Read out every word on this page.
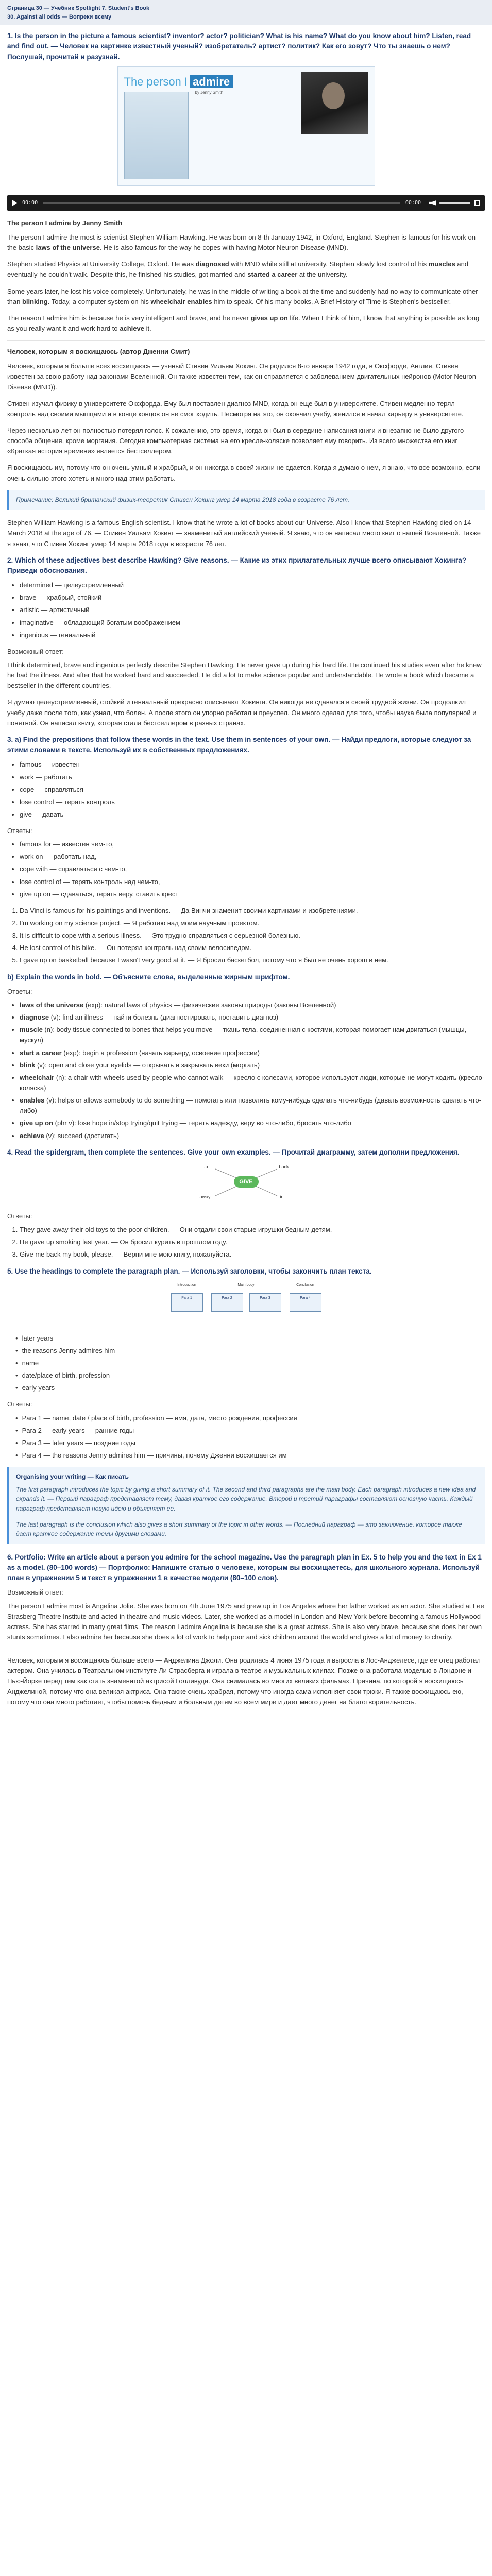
Страница 30 — Учебник Spotlight 7. Student's Book
30. Against all odds — Вопреки всему
1. Is the person in the picture a famous scientist? inventor? actor? politician? What is his name? What do you know about him? Listen, read and find out. — Человек на картинке известный ученый? изобретатель? артист? политик? Как его зовут? Что ты знаешь о нем? Послушай, прочитай и разузнай.
The person I admire
by Jenny Smith
00:00	00:00
The person I admire by Jenny Smith

The person I admire the most is scientist Stephen William Hawking. He was born on 8-th January 1942, in Oxford, England. Stephen is famous for his work on the basic laws of the universe. He is also famous for the way he copes with having Motor Neuron Disease (MND).

Stephen studied Physics at University College, Oxford. He was diagnosed with MND while still at university. Stephen slowly lost control of his muscles and eventually he couldn't walk. Despite this, he finished his studies, got married and started a career at the university.

Some years later, he lost his voice completely. Unfortunately, he was in the middle of writing a book at the time and suddenly had no way to communicate other than blinking. Today, a computer system on his wheelchair enables him to speak. Of his many books, A Brief History of Time is Stephen's bestseller.

The reason I admire him is because he is very intelligent and brave, and he never gives up on life. When I think of him, I know that anything is possible as long as you really want it and work hard to achieve it.

Человек, которым я восхищаюсь (автор Дженни Смит)

Человек, которым я больше всех восхищаюсь — ученый Стивен Уильям Хокинг. Он родился 8-го января 1942 года, в Оксфорде, Англия. Стивен известен за свою работу над законами Вселенной. Он также известен тем, как он справляется с заболеванием двигательных нейронов (Motor Neuron Disease (MND)).

Стивен изучал физику в университете Оксфорда. Ему был поставлен диагноз MND, когда он еще был в университете. Стивен медленно терял контроль над своими мышцами и в конце концов он не смог ходить. Несмотря на это, он окончил учебу, женился и начал карьеру в университете.

Через несколько лет он полностью потерял голос. К сожалению, это время, когда он был в середине написания книги и внезапно не было другого способа общения, кроме моргания. Сегодня компьютерная система на его кресле-коляске позволяет ему говорить. Из всего множества его книг «Краткая история времени» является бестселлером.

Я восхищаюсь им, потому что он очень умный и храбрый, и он никогда в своей жизни не сдается. Когда я думаю о нем, я знаю, что все возможно, если очень сильно этого хотеть и много над этим работать.

Примечание: Великий британский физик-теоретик Стивен Хокинг умер 14 марта 2018 года в возрасте 76 лет.

Stephen William Hawking is a famous English scientist. I know that he wrote a lot of books about our Universe. Also I know that Stephen Hawking died on 14 March 2018 at the age of 76. — Стивен Уильям Хокинг — знаменитый английский ученый. Я знаю, что он написал много книг о нашей Вселенной. Также я знаю, что Стивен Хокинг умер 14 марта 2018 года в возрасте 76 лет.

2. Which of these adjectives best describe Hawking? Give reasons. — Какие из этих прилагательных лучше всего описывают Хокинга? Приведи обоснования.
• determined — целеустремленный
• brave — храбрый, стойкий
• artistic — артистичный
• imaginative — обладающий богатым воображением
• ingenious — гениальный
Возможный ответ:

I think determined, brave and ingenious perfectly describe Stephen Hawking. He never gave up during his hard life. He continued his studies even after he knew he had the illness. And after that he worked hard and succeeded. He did a lot to make science popular and understandable. He wrote a book which became a bestseller in the different countries.

Я думаю целеустремленный, стойкий и гениальный прекрасно описывают Хокинга. Он никогда не сдавался в своей трудной жизни. Он продолжил учебу даже после того, как узнал, что болен. А после этого он упорно работал и преуспел. Он много сделал для того, чтобы наука была популярной и понятной. Он написал книгу, которая стала бестселлером в разных странах.

3. a) Find the prepositions that follow these words in the text. Use them in sentences of your own. — Найди предлоги, которые следуют за этими словами в тексте. Используй их в собственных предложениях.
• famous — известен
• work — работать
• cope — справляться
• lose control — терять контроль
• give — давать
Ответы:
• famous for — известен чем-то,
• work on — работать над,
• cope with — справляться с чем-то,
• lose control of — терять контроль над чем-то,
• give up on — сдаваться, терять веру, ставить крест
1. Da Vinci is famous for his paintings and inventions. — Да Винчи знаменит своими картинами и изобретениями.
2. I'm working on my science project. — Я работаю над моим научным проектом.
3. It is difficult to cope with a serious illness. — Это трудно справляться с серьезной болезнью.
4. He lost control of his bike. — Он потерял контроль над своим велосипедом.
5. I gave up on basketball because I wasn't very good at it. — Я бросил баскетбол, потому что я был не очень хорош в нем.
b) Explain the words in bold. — Объясните слова, выделенные жирным шрифтом.
Ответы:
• laws of the universe (exp): natural laws of physics — физические законы природы (законы Вселенной)
• diagnose (v): find an illness — найти болезнь (диагностировать, поставить диагноз)
• muscle (n): body tissue connected to bones that helps you move — ткань тела, соединенная с костями, которая помогает нам двигаться (мышцы, мускул)
• start a career (exp): begin a profession (начать карьеру, освоение профессии)
• blink (v): open and close your eyelids — открывать и закрывать веки (моргать)
• wheelchair (n): a chair with wheels used by people who cannot walk — кресло с колесами, которое используют люди, которые не могут ходить (кресло-коляска)
• enables (v): helps or allows somebody to do something — помогать или позволять кому-нибудь сделать что-нибудь (давать возможность сделать что-либо)
• give up on (phr v): lose hope in/stop trying/quit trying — терять надежду, веру во что-либо, бросить что-либо
• achieve (v): succeed (достигать)
4. Read the spidergram, then complete the sentences. Give your own examples. — Прочитай диаграмму, затем дополни предложения.
GIVE
up	back
away	in
Ответы:
1. They gave away their old toys to the poor children. — Они отдали свои старые игрушки бедным детям.
2. He gave up smoking last year. — Он бросил курить в прошлом году.
3. Give me back my book, please. — Верни мне мою книгу, пожалуйста.
5. Use the headings to complete the paragraph plan. — Используй заголовки, чтобы закончить план текста.
Introduction	Main body	Conclusion
Para 1	Para 2	Para 3	Para 4
• later years
• the reasons Jenny admires him
• name
• date/place of birth, profession
• early years
Ответы:
• Para 1 — name, date / place of birth, profession — имя, дата, место рождения, профессия
• Para 2 — early years — ранние годы
• Para 3 — later years — поздние годы
• Para 4 — the reasons Jenny admires him — причины, почему Дженни восхищается им
Organising your writing — Как писать

The first paragraph introduces the topic by giving a short summary of it. The second and third paragraphs are the main body. Each paragraph introduces a new idea and expands it. — Первый параграф представляет тему, давая краткое его содержание. Второй и третий параграфы составляют основную часть. Каждый параграф представляет новую идею и объясняет ее.

The last paragraph is the conclusion which also gives a short summary of the topic in other words. — Последний параграф — это заключение, которое также дает краткое содержание темы другими словами.

6. Portfolio: Write an article about a person you admire for the school magazine. Use the paragraph plan in Ex. 5 to help you and the text in Ex 1 as a model. (80–100 words) — Портфолио: Напишите статью о человеке, которым вы восхищаетесь, для школьного журнала. Используй план в упражнении 5 и текст в упражнении 1 в качестве модели (80–100 слов).
Возможный ответ:

The person I admire most is Angelina Jolie. She was born on 4th June 1975 and grew up in Los Angeles where her father worked as an actor. She studied at Lee Strasberg Theatre Institute and acted in theatre and music videos. Later, she worked as a model in London and New York before becoming a famous Hollywood actress. She has starred in many great films. The reason I admire Angelina is because she is a great actress. She is also very brave, because she does her own stunts sometimes. I also admire her because she does a lot of work to help poor and sick children around the world and gives a lot of money to charity.

Человек, которым я восхищаюсь больше всего — Анджелина Джоли. Она родилась 4 июня 1975 года и выросла в Лос-Анджелесе, где ее отец работал актером. Она училась в Театральном институте Ли Страсберга и играла в театре и музыкальных клипах. Позже она работала моделью в Лондоне и Нью-Йорке перед тем как стать знаменитой актрисой Голливуда. Она снималась во многих великих фильмах. Причина, по которой я восхищаюсь Анджелиной, потому что она великая актриса. Она также очень храбрая, потому что иногда сама исполняет свои трюки. Я также восхищаюсь ею, потому что она много работает, чтобы помочь бедным и больным детям во всем мире и дает много денег на благотворительность.
